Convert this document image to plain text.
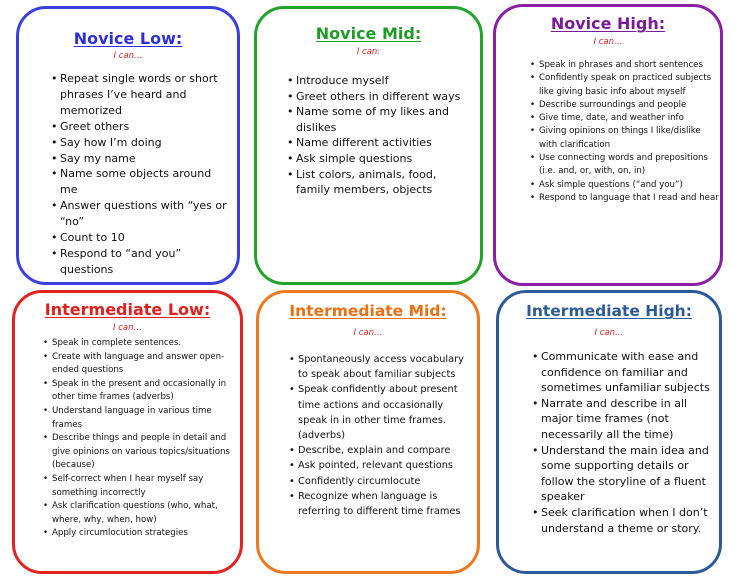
Novice Low:

I can…

• Repeat single words or short phrases I’ve heard and memorized
• Greet others
• Say how I’m doing
• Say my name
• Name some objects around me
• Answer questions with “yes or “no”
• Count to 10
• Respond to “and you” questions
Novice Mid:

I can:

• Introduce myself
• Greet others in different ways
• Name some of my likes and dislikes
• Name different activities
• Ask simple questions
• List colors, animals, food, family members, objects
Novice High:

I can…

• Speak in phrases and short sentences
• Confidently speak on practiced subjects like giving basic info about myself
• Describe surroundings and people
• Give time, date, and weather info
• Giving opinions on things I like/dislike with clarification
• Use connecting words and prepositions (i.e. and, or, with, on, in)
• Ask simple questions (“and you”)
• Respond to language that I read and hear
Intermediate Low:

I can…

• Speak in complete sentences.
• Create with language and answer open-ended questions
• Speak in the present and occasionally in other time frames (adverbs)
• Understand language in various time frames
• Describe things and people in detail and give opinions on various topics/situations (because)
• Self-correct when I hear myself say something incorrectly
• Ask clarification questions (who, what, where, why, when, how)
• Apply circumlocution strategies
Intermediate Mid:

I can…

• Spontaneously access vocabulary to speak about familiar subjects
• Speak confidently about present time actions and occasionally speak in in other time frames. (adverbs)
• Describe, explain and compare
• Ask pointed, relevant questions
• Confidently circumlocute
• Recognize when language is referring to different time frames
Intermediate High:

I can…

• Communicate with ease and confidence on familiar and sometimes unfamiliar subjects
• Narrate and describe in all major time frames (not necessarily all the time)
• Understand the main idea and some supporting details or follow the storyline of a fluent speaker
• Seek clarification when I don’t understand a theme or story.
